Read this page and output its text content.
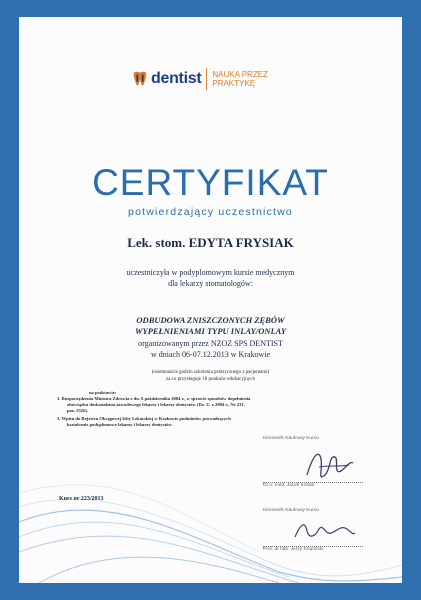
dentist NAUKA PRZEZ
PRAKTYKĘ
CERTYFIKAT
potwierdzający uczestnictwo
Lek. stom. EDYTA FRYSIAK
uczestniczyła w podyplomowym kursie medycznym
dla lekarzy stomatologów:
ODBUDOWA ZNISZCZONYCH ZĘBÓW
WYPEŁNIENIAMI TYPU INLAY/ONLAY
organizowanym przez NZOZ SPS DENTIST
w dniach 06-07.12.2013 w Krakowie
(osiemnaście godzin szkolenia praktycznego z pacjentami)
za co przysługuje 18 punktów edukacyjnych
na podstawie:
1. Rozporządzenia Ministra Zdrowia z dn. 6 października 2004 r., w sprawie sposobów dopełnienia
obowiązku doskonalenia zawodowego lekarzy i lekarzy dentystów (Dz. U. z 2004 r., Nr 231,
poz. 2326).
2. Wpisu do Rejestru Okręgowej Izby Lekarskiej w Krakowie podmiotów prowadzących
kształcenie podyplomowe lekarzy i lekarzy dentystów.
Kierownik Naukowy Kursu
Dr n. med. Jacek Kotuła
Kurs nr 223/2013
Kierownik Naukowy Kursu
Prof. dr hab. Jerzy Krupiński
